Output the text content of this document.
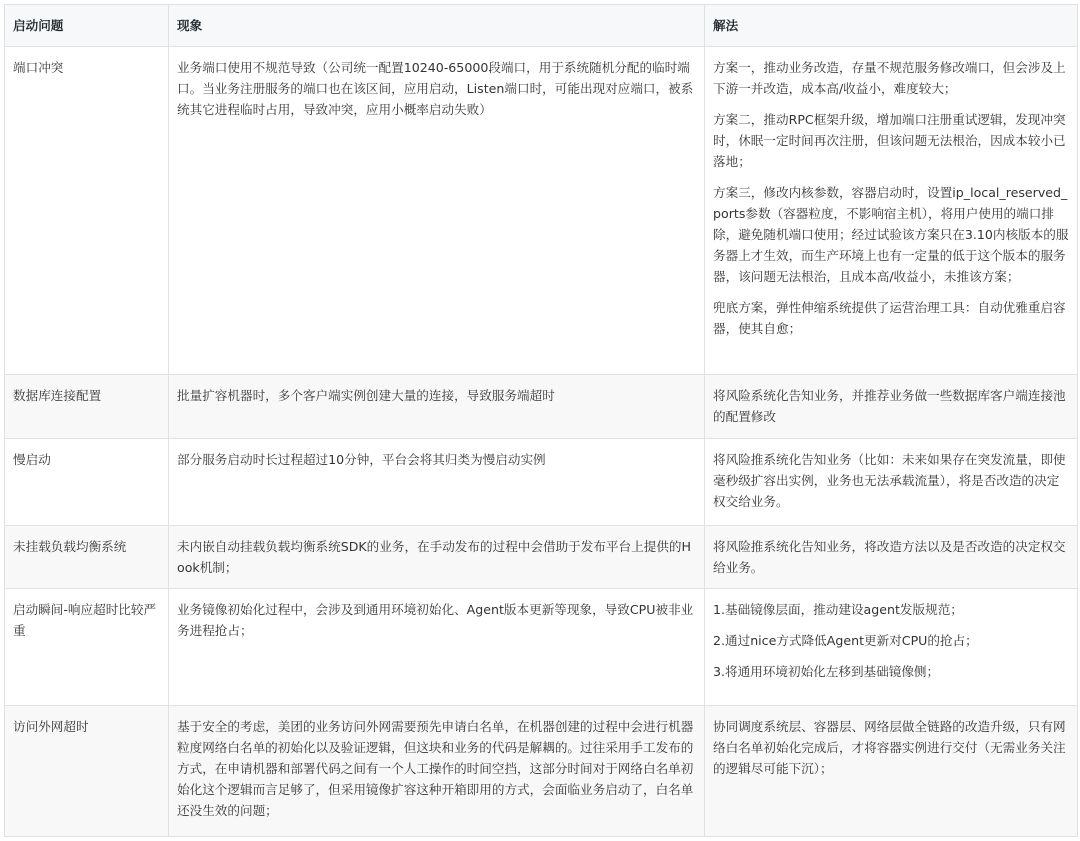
启动问题	现象	解法
端口冲突	业务端口使用不规范导致（公司统一配置10240-65000段端口，用于系统随机分配的临时端口。当业务注册服务的端口也在该区间，应用启动，Listen端口时，可能出现对应端口，被系统其它进程临时占用，导致冲突，应用小概率启动失败）	方案一，推动业务改造，存量不规范服务修改端口，但会涉及上下游一并改造，成本高/收益小，难度较大；

方案二，推动RPC框架升级，增加端口注册重试逻辑，发现冲突时，休眠一定时间再次注册，但该问题无法根治，因成本较小已落地；

方案三，修改内核参数，容器启动时，设置ip_local_reserved_ports参数（容器粒度，不影响宿主机），将用户使用的端口排除，避免随机端口使用；经过试验该方案只在3.10内核版本的服务器上才生效，而生产环境上也有一定量的低于这个版本的服务器，该问题无法根治，且成本高/收益小，未推该方案；

兜底方案，弹性伸缩系统提供了运营治理工具：自动优雅重启容器，使其自愈；

数据库连接配置	批量扩容机器时，多个客户端实例创建大量的连接，导致服务端超时	将风险系统化告知业务，并推荐业务做一些数据库客户端连接池的配置修改

慢启动	部分服务启动时长过程超过10分钟，平台会将其归类为慢启动实例	将风险推系统化告知业务（比如：未来如果存在突发流量，即使毫秒级扩容出实例，业务也无法承载流量），将是否改造的决定权交给业务。

未挂载负载均衡系统	未内嵌自动挂载负载均衡系统SDK的业务，在手动发布的过程中会借助于发布平台上提供的Hook机制；	将风险推系统化告知业务，将改造方法以及是否改造的决定权交给业务。

启动瞬间-响应超时比较严重	业务镜像初始化过程中，会涉及到通用环境初始化、Agent版本更新等现象，导致CPU被非业务进程抢占；	1.基础镜像层面，推动建设agent发版规范；

2.通过nice方式降低Agent更新对CPU的抢占；

3.将通用环境初始化左移到基础镜像侧；

访问外网超时	基于安全的考虑，美团的业务访问外网需要预先申请白名单，在机器创建的过程中会进行机器粒度网络白名单的初始化以及验证逻辑，但这块和业务的代码是解耦的。过往采用手工发布的方式，在申请机器和部署代码之间有一个人工操作的时间空挡，这部分时间对于网络白名单初始化这个逻辑而言足够了，但采用镜像扩容这种开箱即用的方式，会面临业务启动了，白名单还没生效的问题；	协同调度系统层、容器层、网络层做全链路的改造升级，只有网络白名单初始化完成后，才将容器实例进行交付（无需业务关注的逻辑尽可能下沉）；
